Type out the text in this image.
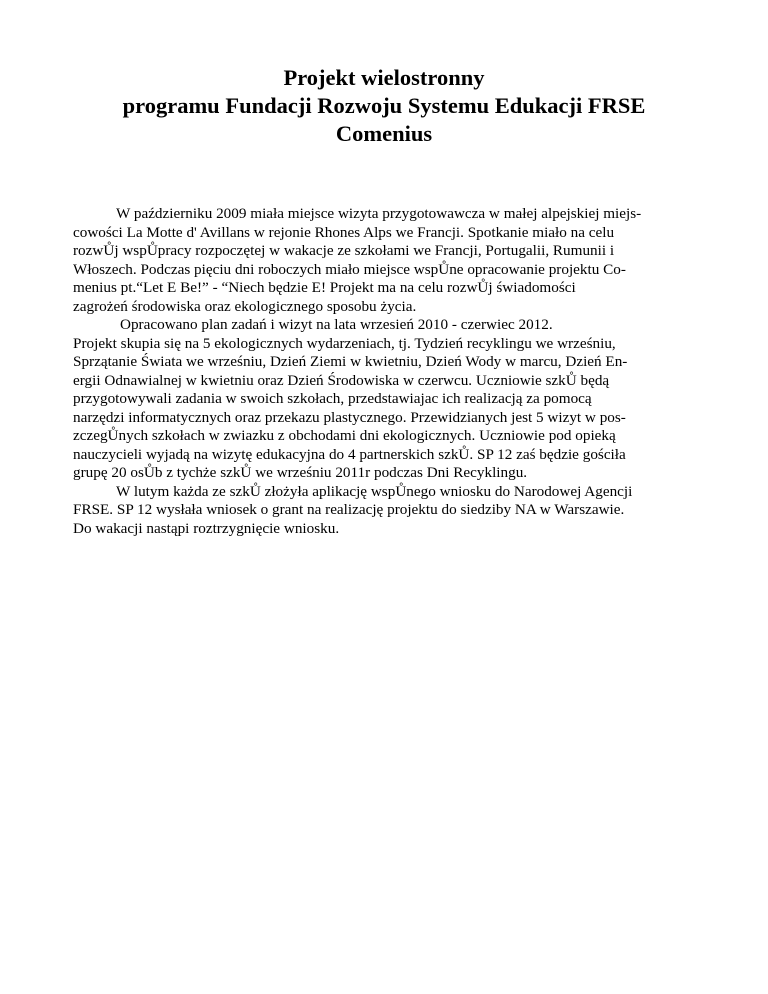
Projekt wielostronny
programu Fundacji Rozwoju Systemu Edukacji FRSE
Comenius
W październiku 2009 miała miejsce wizyta przygotowawcza w małej alpejskiej miejs-
cowości La Motte d' Avillans w rejonie Rhones Alps we Francji. Spotkanie miało na celu
rozwŮj wspŮpracy rozpoczętej w wakacje ze szkołami we Francji, Portugalii, Rumunii i
Włoszech. Podczas pięciu dni roboczych miało miejsce wspŮne opracowanie projektu Co-
menius pt.“Let E Be!” - “Niech będzie E! Projekt ma na celu rozwŮj świadomości
zagrożeń środowiska oraz ekologicznego sposobu życia.
Opracowano plan zadań i wizyt na lata wrzesień 2010 - czerwiec 2012.
Projekt skupia się na 5 ekologicznych wydarzeniach, tj. Tydzień recyklingu we wrześniu,
Sprzątanie Świata we wrześniu, Dzień Ziemi w kwietniu, Dzień Wody w marcu, Dzień En-
ergii Odnawialnej w kwietniu oraz Dzień Środowiska w czerwcu. Uczniowie szkŮ będą
przygotowywali zadania w swoich szkołach, przedstawiajac ich realizacją za pomocą
narzędzi informatycznych oraz przekazu plastycznego. Przewidzianych jest 5 wizyt w pos-
zczegŮnych szkołach w zwiazku z obchodami dni ekologicznych. Uczniowie pod opieką
nauczycieli wyjadą na wizytę edukacyjna do 4 partnerskich szkŮ. SP 12 zaś będzie gościła
grupę 20 osŮb z tychże szkŮ we wrześniu 2011r podczas Dni Recyklingu.
W lutym każda ze szkŮ złożyła aplikację wspŮnego wniosku do Narodowej Agencji
FRSE. SP 12 wysłała wniosek o grant na realizację projektu do siedziby NA w Warszawie.
Do wakacji nastąpi roztrzygnięcie wniosku.
